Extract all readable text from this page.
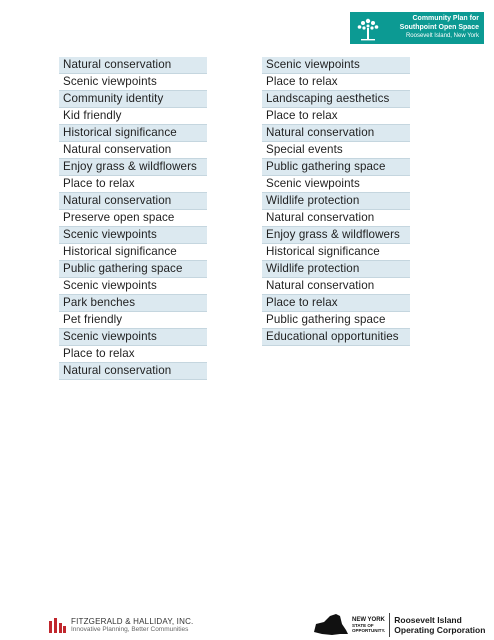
Community Plan for
Southpoint Open Space
Roosevelt Island, New York
Natural conservation
Scenic viewpoints
Community identity
Kid friendly
Historical significance
Natural conservation
Enjoy grass & wildflowers
Place to relax
Natural conservation
Preserve open space
Scenic viewpoints
Historical significance
Public gathering space
Scenic viewpoints
Park benches
Pet friendly
Scenic viewpoints
Place to relax
Natural conservation
Scenic viewpoints
Place to relax
Landscaping aesthetics
Place to relax
Natural conservation
Special events
Public gathering space
Scenic viewpoints
Wildlife protection
Natural conservation
Enjoy grass & wildflowers
Historical significance
Wildlife protection
Natural conservation
Place to relax
Public gathering space
Educational opportunities
FITZGERALD & HALLIDAY, INC.
Innovative Planning, Better Communities
NEW YORK
STATE OF
OPPORTUNITY.
Roosevelt Island
Operating Corporation
